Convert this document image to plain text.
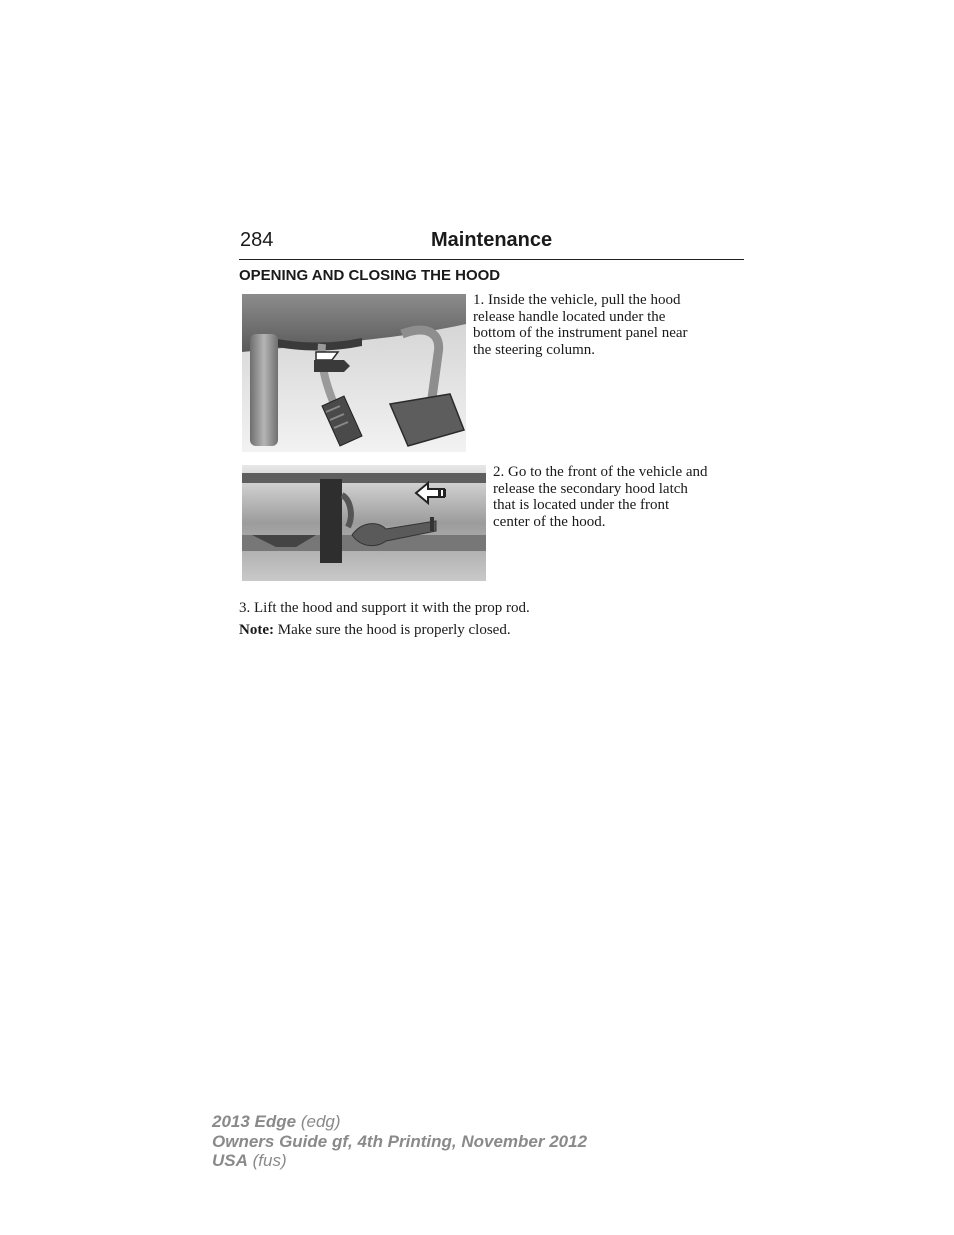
284	Maintenance
OPENING AND CLOSING THE HOOD
1. Inside the vehicle, pull the hood
release handle located under the
bottom of the instrument panel near
the steering column.
2. Go to the front of the vehicle and
release the secondary hood latch
that is located under the front
center of the hood.
3. Lift the hood and support it with the prop rod.
Note: Make sure the hood is properly closed.
2013 Edge (edg)
Owners Guide gf, 4th Printing, November 2012
USA (fus)
